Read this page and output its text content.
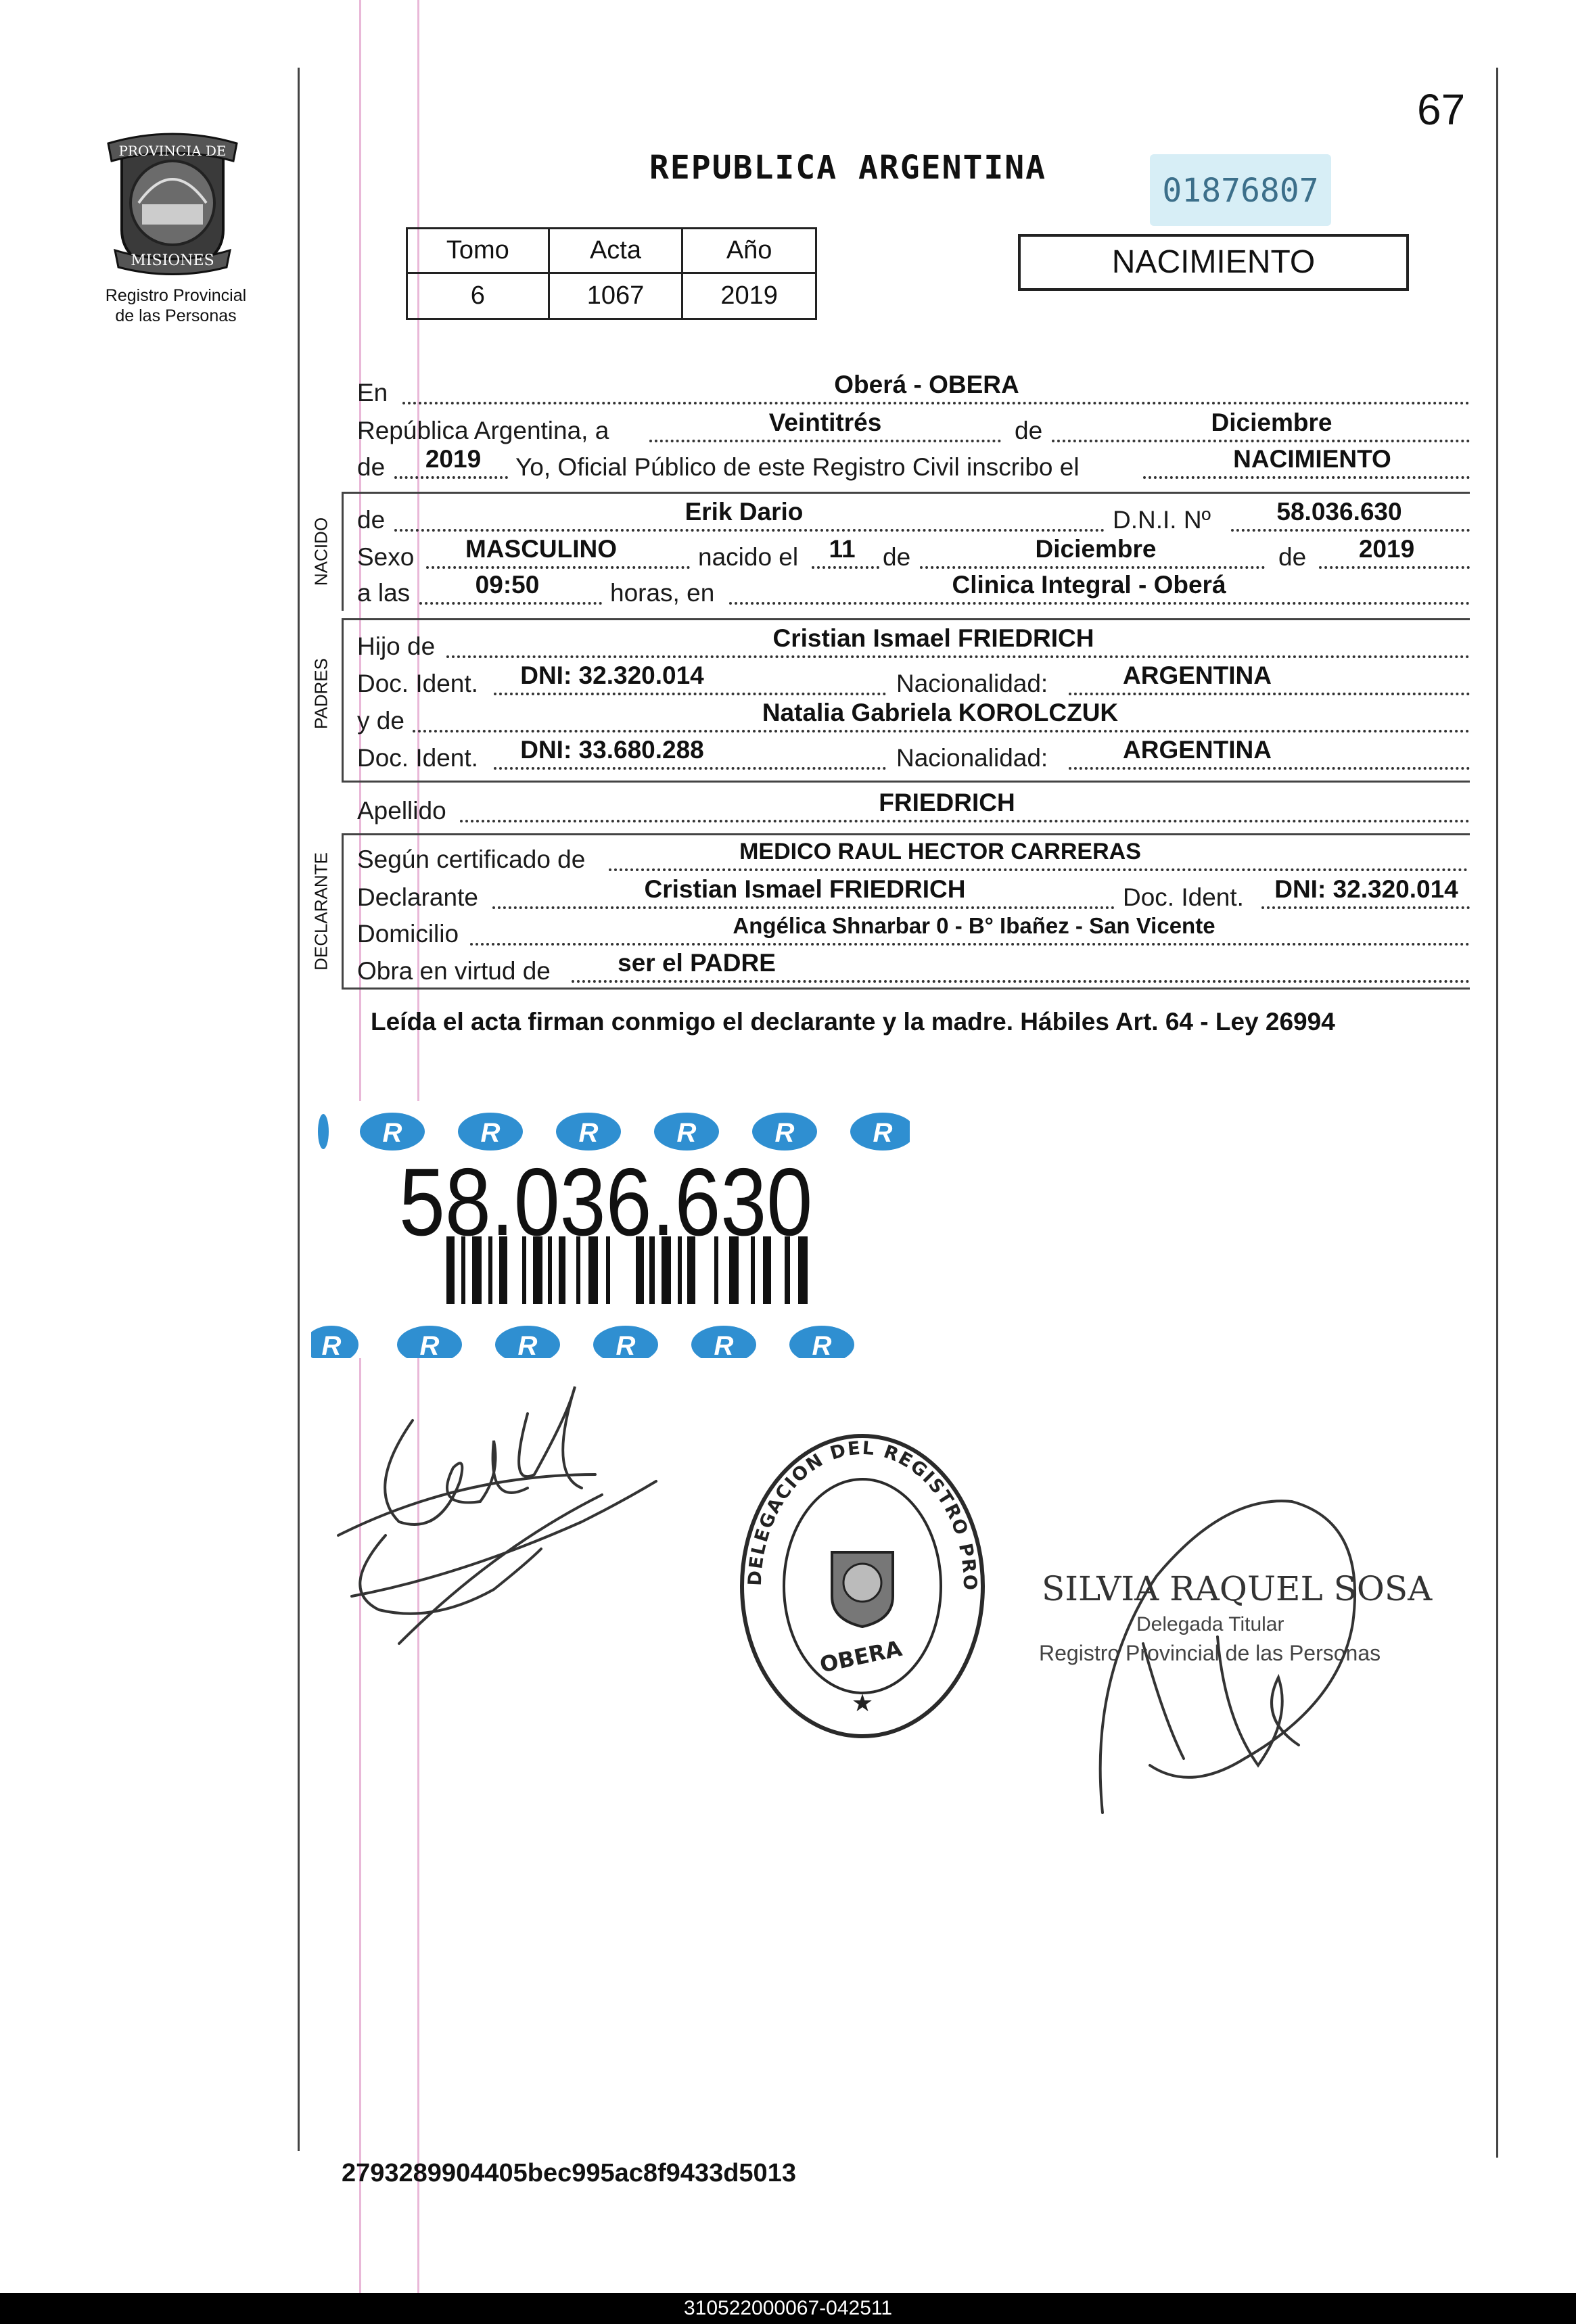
67
PROVINCIA DE
MISIONES
Registro Provincial
de las Personas
REPUBLICA ARGENTINA
01876807
Tomo	Acta	Año
6	1067	2019
NACIMIENTO
En	Oberá - OBERA
República Argentina, a	Veintitrés	de	Diciembre
de	2019	Yo, Oficial Público de este Registro Civil inscribo el	NACIMIENTO
NACIDO de	Erik Dario	D.N.I. Nº	58.036.630
Sexo	MASCULINO	nacido el	11	de	Diciembre	de	2019
a las	09:50	horas, en	Clinica Integral - Oberá
PADRES
Hijo de	Cristian Ismael FRIEDRICH
Doc. Ident.	DNI: 32.320.014	Nacionalidad:	ARGENTINA
y de	Natalia Gabriela KOROLCZUK
Doc. Ident.	DNI: 33.680.288	Nacionalidad:	ARGENTINA
Apellido	FRIEDRICH
DECLARANTE Según certificado de	MEDICO RAUL HECTOR CARRERAS
Declarante	Cristian Ismael FRIEDRICH	Doc. Ident.	DNI: 32.320.014
Domicilio	Angélica Shnarbar 0 - B° Ibañez - San Vicente
Obra en virtud de	ser el PADRE
Leída el acta firman conmigo el declarante y la madre. Hábiles Art. 64 - Ley 26994
R	R	R	R	R	R
R	R	R	R	R	R
58.036.630
DELEGACION DEL REGISTRO PRO
OBERA
★
SILVIA RAQUEL SOSA
Delegada Titular
Registro Provincial de las Personas
2793289904405bec995ac8f9433d5013
310522000067-042511
